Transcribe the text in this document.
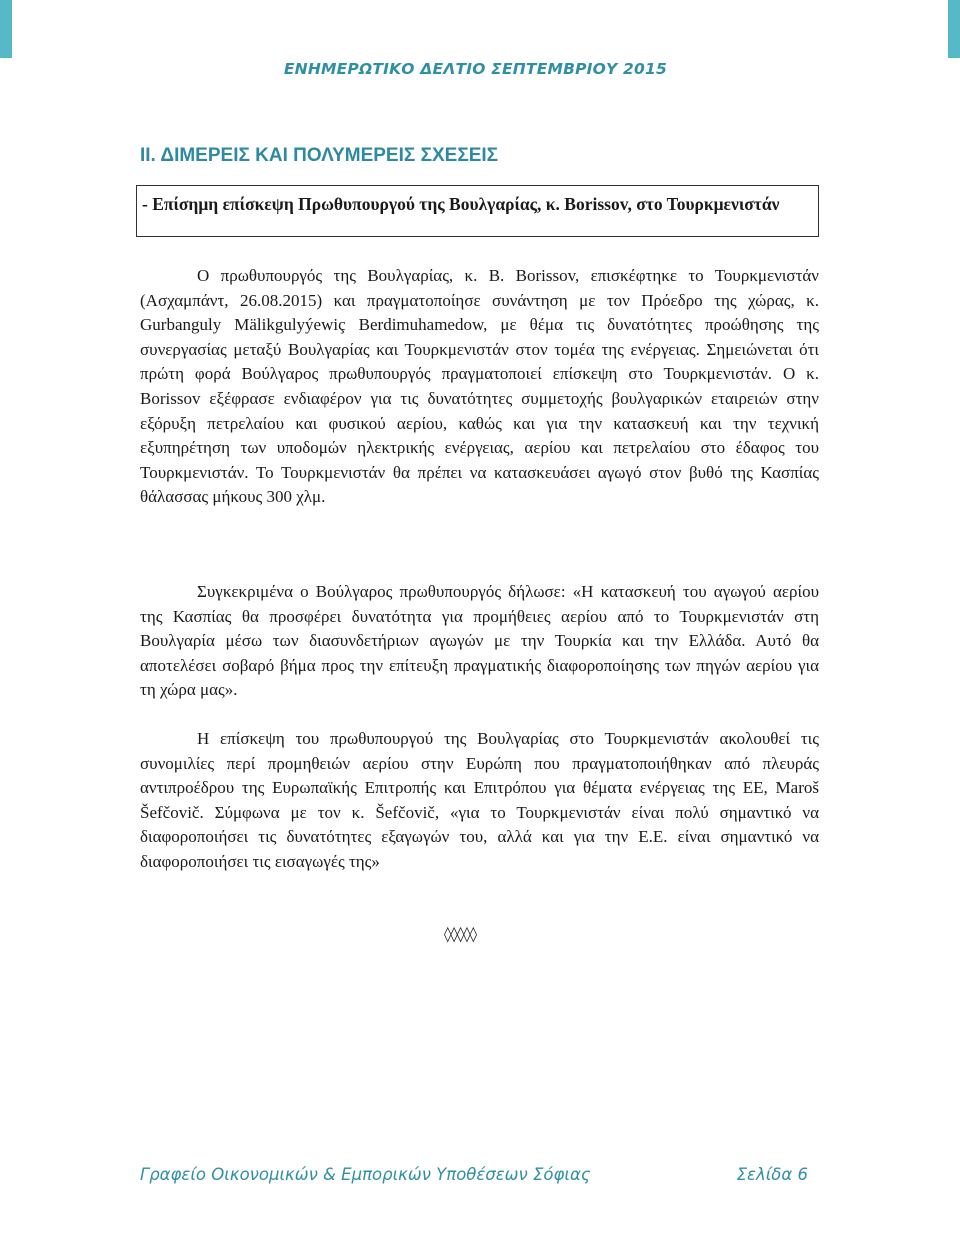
ΕΝΗΜΕΡΩΤΙΚΟ ΔΕΛΤΙΟ ΣΕΠΤΕΜΒΡΙΟΥ 2015
ΙΙ. ΔΙΜΕΡΕΙΣ ΚΑΙ ΠΟΛΥΜΕΡΕΙΣ ΣΧΕΣΕΙΣ
- Επίσημη επίσκεψη Πρωθυπουργού της Βουλγαρίας, κ. Borissov, στο Τουρκμενιστάν
Ο πρωθυπουργός της Βουλγαρίας, κ. Β. Borissov, επισκέφτηκε το Τουρκμενιστάν (Ασχαμπάντ, 26.08.2015) και πραγματοποίησε συνάντηση με τον Πρόεδρο της χώρας, κ. Gurbanguly Mälikgulyýewiç Berdimuhamedow, με θέμα τις δυνατότητες προώθησης της συνεργασίας μεταξύ Βουλγαρίας και Τουρκμενιστάν στον τομέα της ενέργειας. Σημειώνεται ότι πρώτη φορά Βούλγαρος πρωθυπουργός πραγματοποιεί επίσκεψη στο Τουρκμενιστάν. Ο κ. Borissov εξέφρασε ενδιαφέρον για τις δυνατότητες συμμετοχής βουλγαρικών εταιρειών στην εξόρυξη πετρελαίου και φυσικού αερίου, καθώς και για την κατασκευή και την τεχνική εξυπηρέτηση των υποδομών ηλεκτρικής ενέργειας, αερίου και πετρελαίου στο έδαφος του Τουρκμενιστάν. Το Τουρκμενιστάν θα πρέπει να κατασκευάσει αγωγό στον βυθό της Κασπίας θάλασσας μήκους 300 χλμ.
Συγκεκριμένα ο Βούλγαρος πρωθυπουργός δήλωσε: «Η κατασκευή του αγωγού αερίου της Κασπίας θα προσφέρει δυνατότητα για προμήθειες αερίου από το Τουρκμενιστάν στη Βουλγαρία μέσω των διασυνδετήριων αγωγών με την Τουρκία και την Ελλάδα. Αυτό θα αποτελέσει σοβαρό βήμα προς την επίτευξη πραγματικής διαφοροποίησης των πηγών αερίου για τη χώρα μας».
Η επίσκεψη του πρωθυπουργού της Βουλγαρίας στο Τουρκμενιστάν ακολουθεί τις συνομιλίες περί προμηθειών αερίου στην Ευρώπη που πραγματοποιήθηκαν από πλευράς αντιπροέδρου της Ευρωπαϊκής Επιτροπής και Επιτρόπου για θέματα ενέργειας της ΕΕ, Maroš Šefčovič. Σύμφωνα με τον κ. Šefčovič, «για το Τουρκμενιστάν είναι πολύ σημαντικό να διαφοροποιήσει τις δυνατότητες εξαγωγών του, αλλά και για την Ε.Ε. είναι σημαντικό να διαφοροποιήσει τις εισαγωγές της»
◊◊◊◊◊
Γραφείο Οικονομικών & Εμπορικών Υποθέσεων Σόφιας	Σελίδα 6
